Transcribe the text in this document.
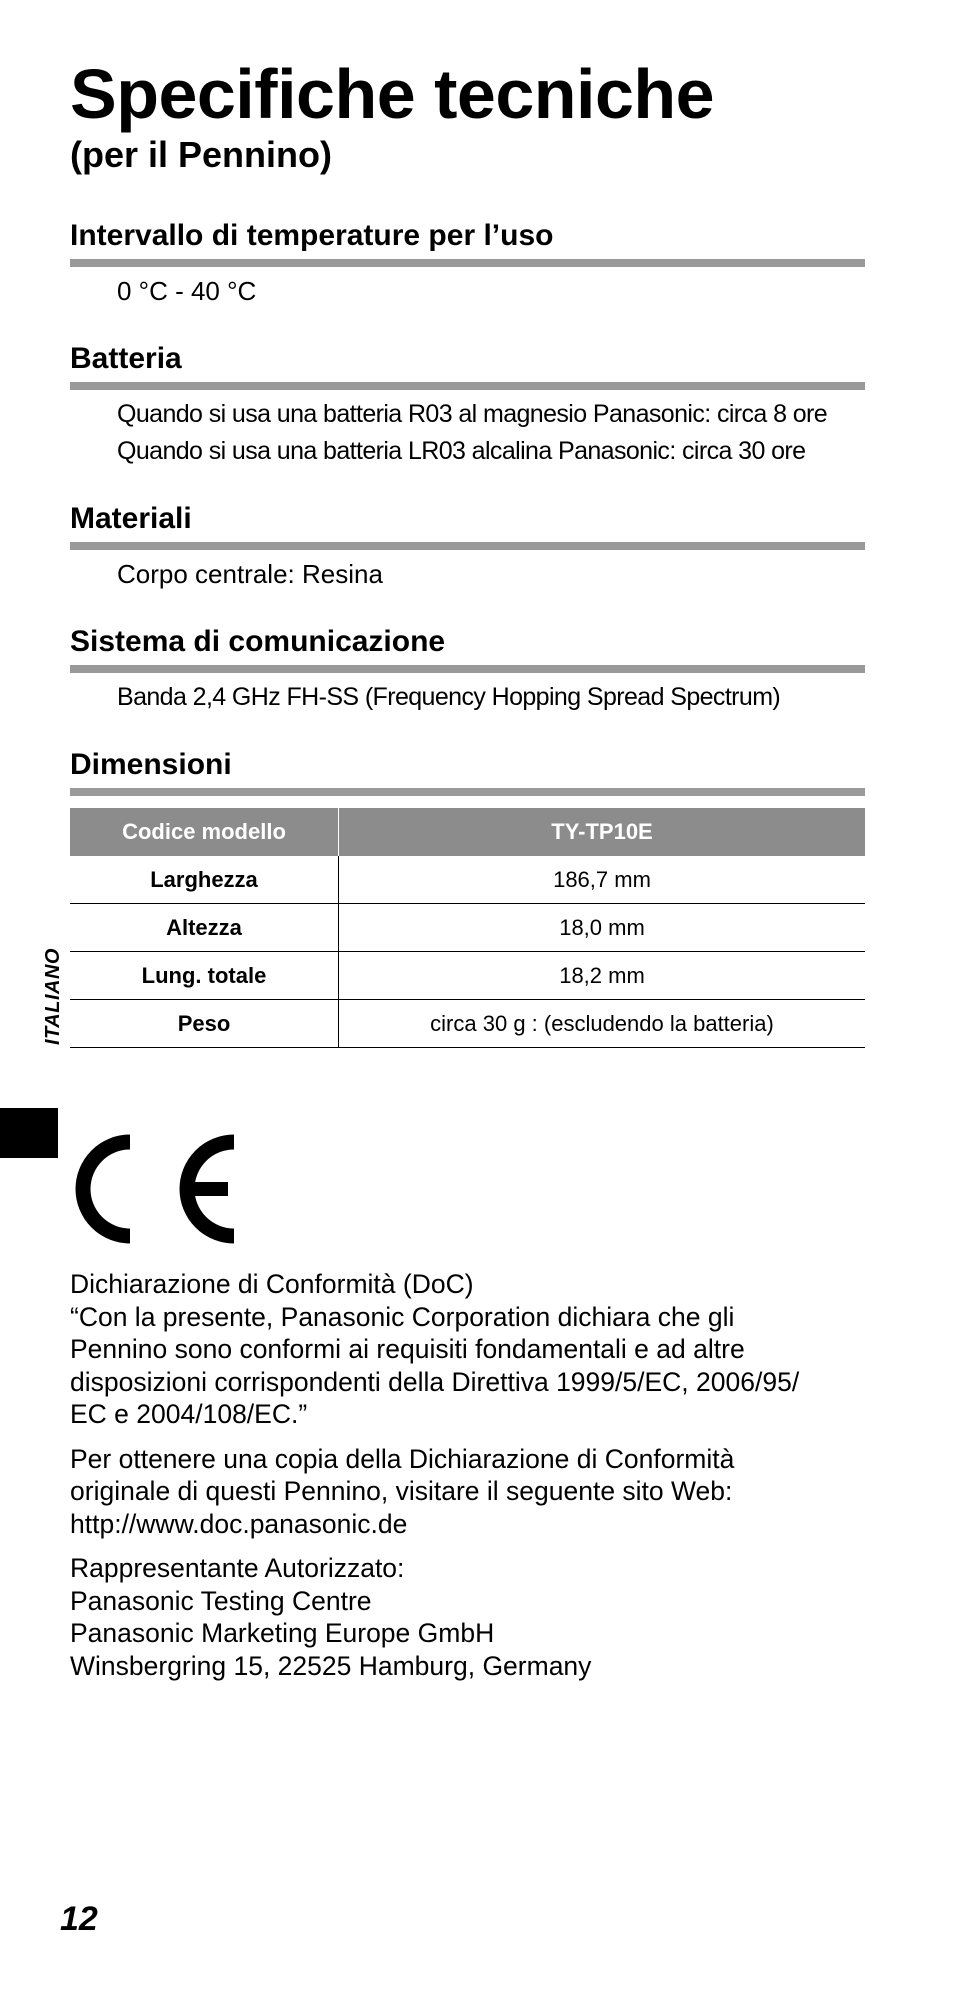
Specifiche tecniche
(per il Pennino)
Intervallo di temperature per l’uso
0 °C - 40 °C
Batteria
Quando si usa una batteria R03 al magnesio Panasonic: circa 8 ore
Quando si usa una batteria LR03 alcalina Panasonic: circa 30 ore
Materiali
Corpo centrale: Resina
Sistema di comunicazione
Banda 2,4 GHz FH-SS (Frequency Hopping Spread Spectrum)
Dimensioni
Codice modello	TY-TP10E
Larghezza	186,7 mm
Altezza	18,0 mm
Lung. totale	18,2 mm
Peso	circa 30 g : (escludendo la batteria)
ITALIANO

Dichiarazione di Conformità (DoC)
“Con la presente, Panasonic Corporation dichiara che gli
Pennino sono conformi ai requisiti fondamentali e ad altre
disposizioni corrispondenti della Direttiva 1999/5/EC, 2006/95/
EC e 2004/108/EC.”

Per ottenere una copia della Dichiarazione di Conformità
originale di questi Pennino, visitare il seguente sito Web:
http://www.doc.panasonic.de

Rappresentante Autorizzato:
Panasonic Testing Centre
Panasonic Marketing Europe GmbH
Winsbergring 15, 22525 Hamburg, Germany

12
